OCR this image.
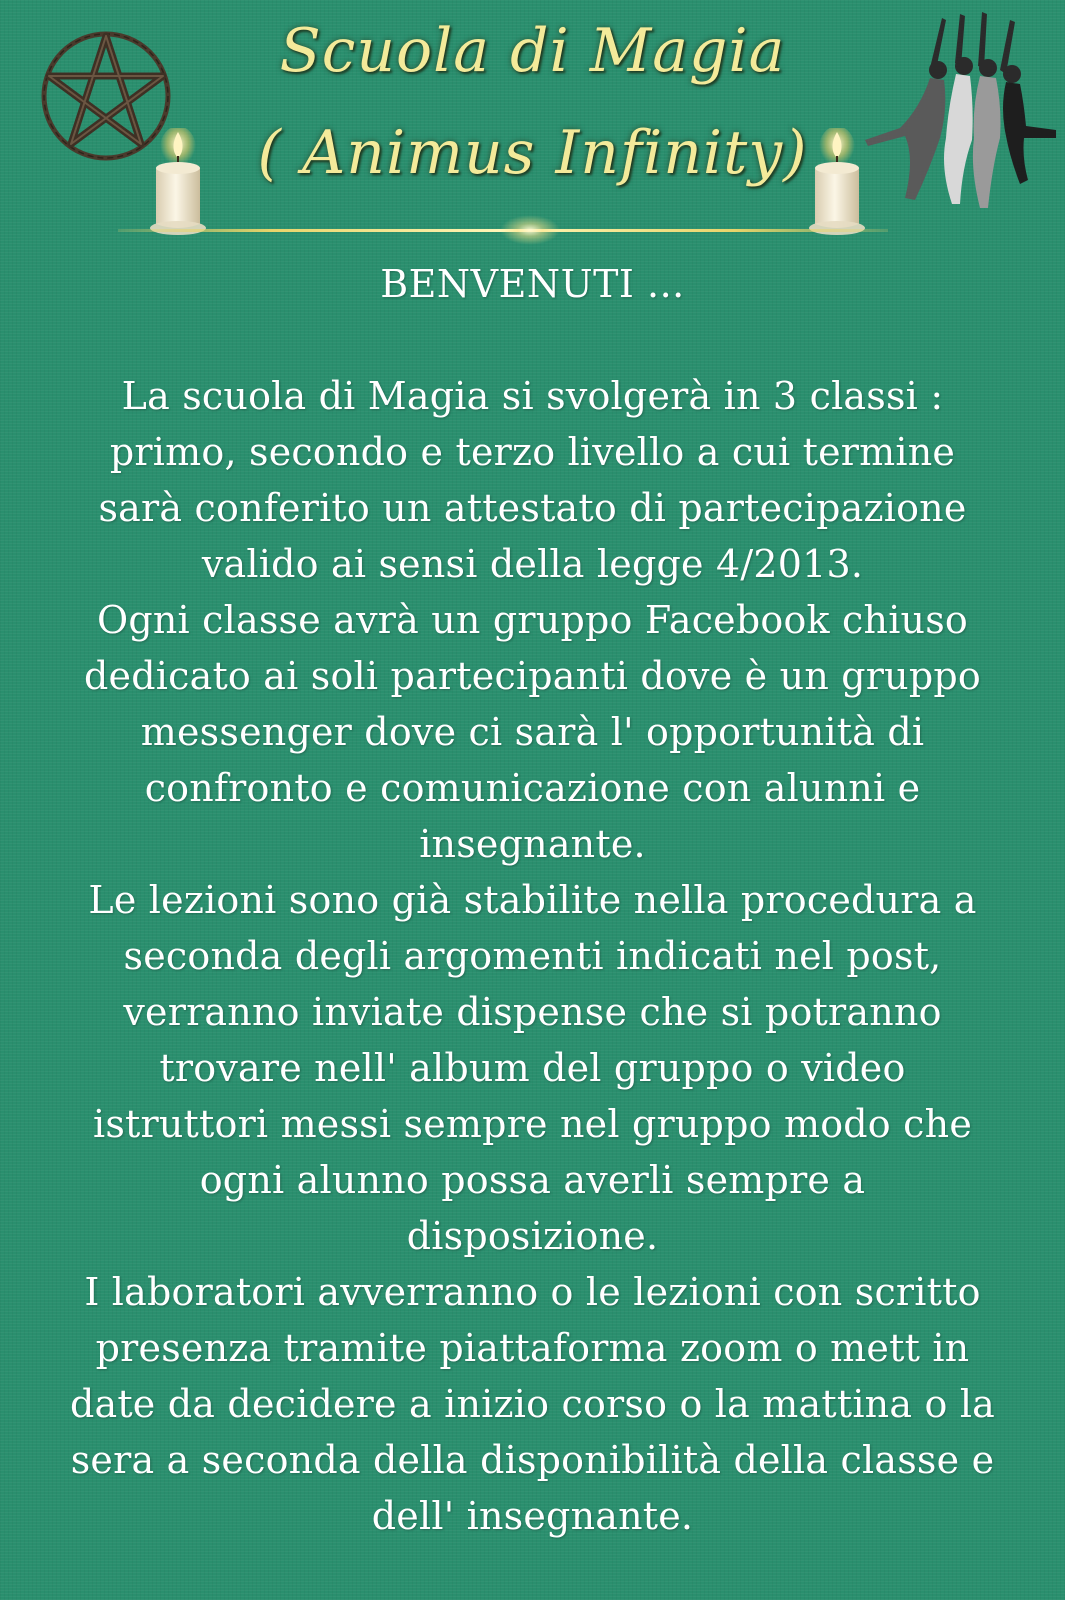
Scuola di Magia
( Animus Infinity)

BENVENUTI ...

La scuola di Magia si svolgerà in 3 classi :
primo, secondo e terzo livello a cui termine
sarà conferito un attestato di partecipazione
valido ai sensi della legge 4/2013.

Ogni classe avrà un gruppo Facebook chiuso
dedicato ai soli partecipanti dove è un gruppo
messenger dove ci sarà l' opportunità di
confronto e comunicazione con alunni e
insegnante.

Le lezioni sono già stabilite nella procedura a
seconda degli argomenti indicati nel post,
verranno inviate dispense che si potranno
trovare nell' album del gruppo o video
istruttori messi sempre nel gruppo modo che
ogni alunno possa averli sempre a
disposizione.

I laboratori avverranno o le lezioni con scritto
presenza tramite piattaforma zoom o mett in
date da decidere a inizio corso o la mattina o la
sera a seconda della disponibilità della classe e
dell' insegnante.
